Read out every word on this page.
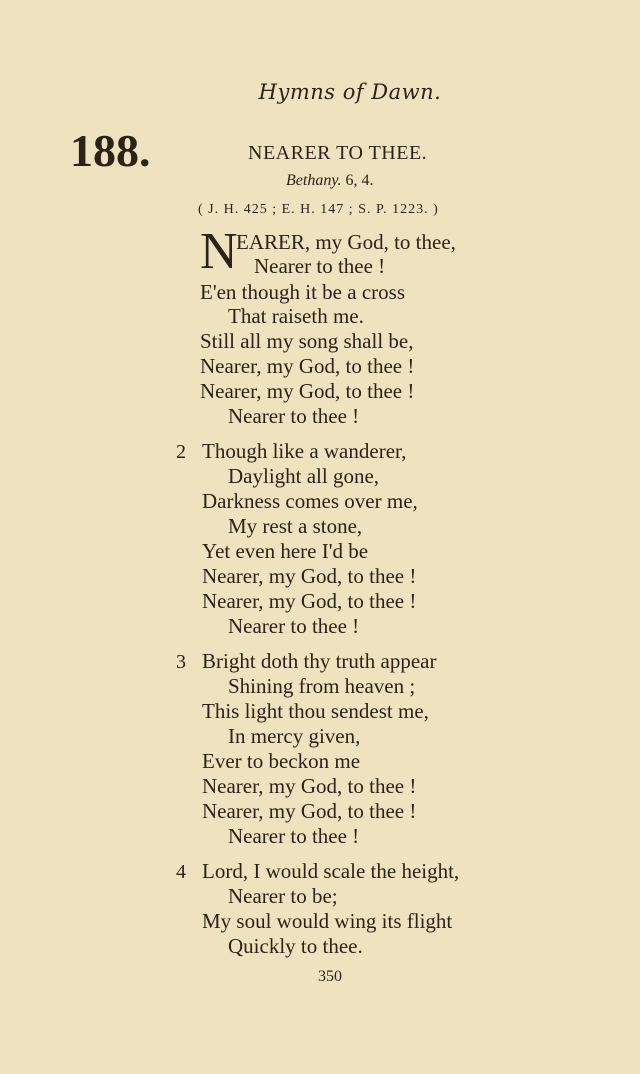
Hymns of Dawn.
188.	NEARER TO THEE.
Bethany. 6, 4.
( J. H. 425 ; E. H. 147 ; S. P. 1223. )
N
EARER, my God, to thee,
Nearer to thee !
E'en though it be a cross
That raiseth me.
Still all my song shall be,
Nearer, my God, to thee !
Nearer, my God, to thee !
Nearer to thee !
2 Though like a wanderer,
Daylight all gone,
Darkness comes over me,
My rest a stone,
Yet even here I'd be
Nearer, my God, to thee !
Nearer, my God, to thee !
Nearer to thee !
3 Bright doth thy truth appear
Shining from heaven ;
This light thou sendest me,
In mercy given,
Ever to beckon me
Nearer, my God, to thee !
Nearer, my God, to thee !
Nearer to thee !
4 Lord, I would scale the height,
Nearer to be;
My soul would wing its flight
Quickly to thee.
350
